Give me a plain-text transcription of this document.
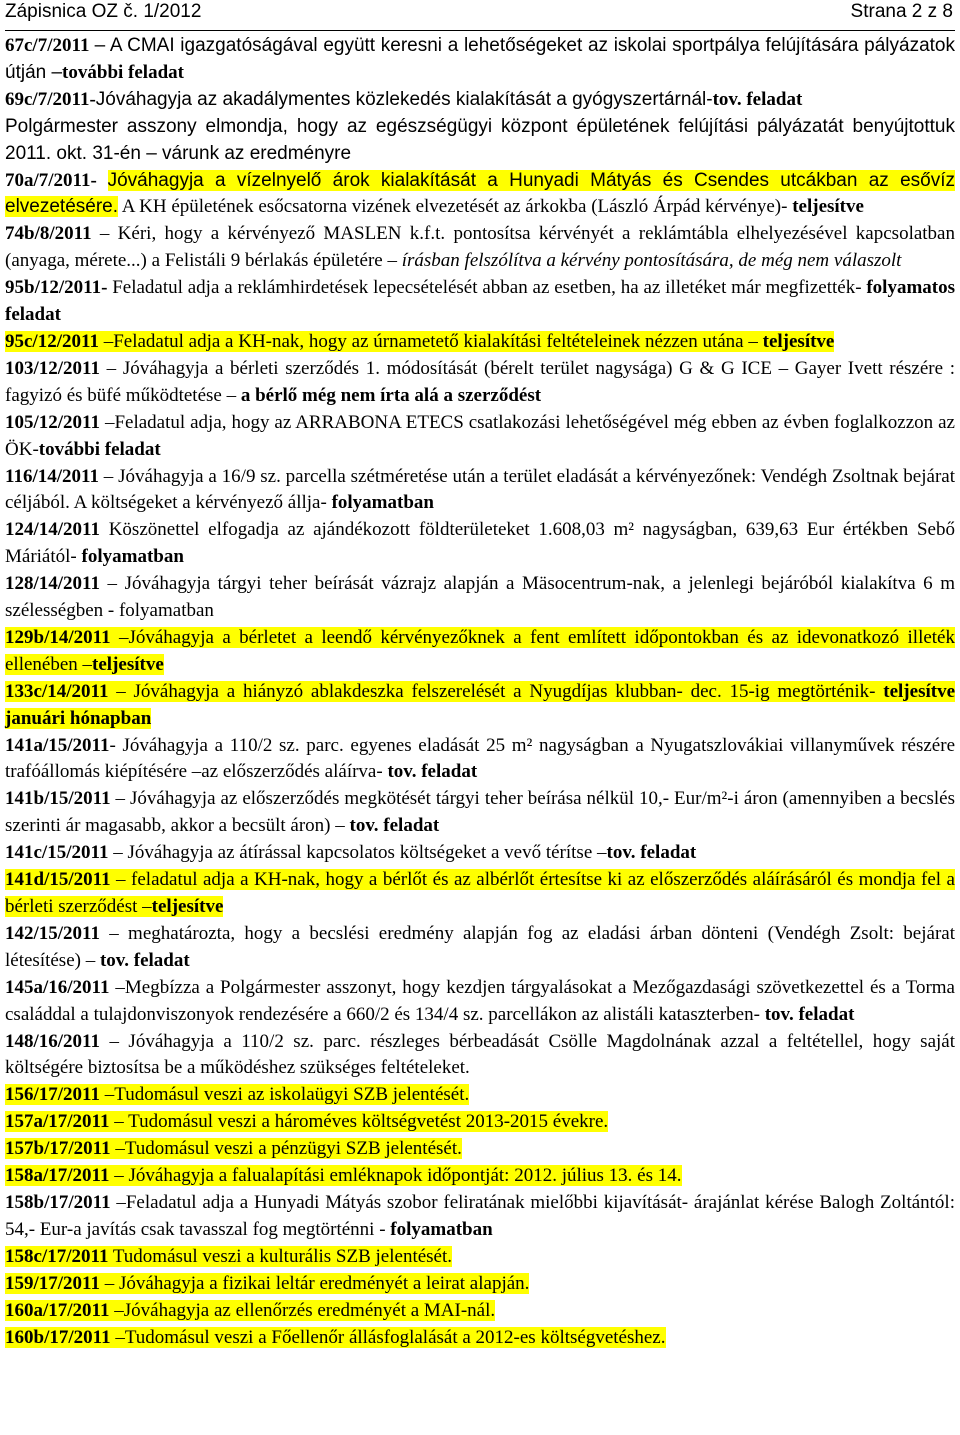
Zápisnica OZ č. 1/2012	Strana 2 z 8

67c/7/2011 – A CMAI igazgatóságával együtt keresni a lehetőségeket az iskolai sportpálya felújítására pályázatok útján –további feladat

69c/7/2011-Jóváhagyja az akadálymentes közlekedés kialakítását a gyógyszertárnál-tov. feladat

Polgármester asszony elmondja, hogy az egészségügyi központ épületének felújítási pályázatát benyújtottuk 2011. okt. 31-én – várunk az eredményre

70a/7/2011- Jóváhagyja a vízelnyelő árok kialakítását a Hunyadi Mátyás és Csendes utcákban az esővíz elvezetésére. A KH épületének esőcsatorna vizének elvezetését az árkokba (László Árpád kérvénye)- teljesítve

74b/8/2011 – Kéri, hogy a kérvényező MASLEN k.f.t. pontosítsa kérvényét a reklámtábla elhelyezésével kapcsolatban (anyaga, mérete...) a Felistáli 9 bérlakás épületére – írásban felszólítva a kérvény pontosítására, de még nem válaszolt

95b/12/2011- Feladatul adja a reklámhirdetések lepecsételését abban az esetben, ha az illetéket már megfizették- folyamatos feladat

95c/12/2011 –Feladatul adja a KH-nak, hogy az úrnametető kialakítási feltételeinek nézzen utána – teljesítve

103/12/2011 – Jóváhagyja a bérleti szerződés 1. módosítását (bérelt terület nagysága) G & G ICE – Gayer Ivett részére : fagyizó és büfé működtetése – a bérlő még nem írta alá a szerződést

105/12/2011 –Feladatul adja, hogy az ARRABONA ETECS csatlakozási lehetőségével még ebben az évben foglalkozzon az ÖK-további feladat

116/14/2011 – Jóváhagyja a 16/9 sz. parcella szétméretése után a terület eladását a kérvényezőnek: Vendégh Zsoltnak bejárat céljából. A költségeket a kérvényező állja- folyamatban

124/14/2011 Köszönettel elfogadja az ajándékozott földterületeket 1.608,03 m² nagyságban, 639,63 Eur értékben Sebő Máriától- folyamatban

128/14/2011 – Jóváhagyja tárgyi teher beírását vázrajz alapján a Mäsocentrum-nak, a jelenlegi bejáróból kialakítva 6 m szélességben - folyamatban

129b/14/2011 –Jóváhagyja a bérletet a leendő kérvényezőknek a fent említett időpontokban és az idevonatkozó illeték ellenében –teljesítve

133c/14/2011 – Jóváhagyja a hiányzó ablakdeszka felszerelését a Nyugdíjas klubban- dec. 15-ig megtörténik- teljesítve januári hónapban

141a/15/2011- Jóváhagyja a 110/2 sz. parc. egyenes eladását 25 m² nagyságban a Nyugatszlovákiai villanyművek részére trafóállomás kiépítésére –az előszerződés aláírva- tov. feladat

141b/15/2011 – Jóváhagyja az előszerződés megkötését tárgyi teher beírása nélkül 10,- Eur/m²-i áron (amennyiben a becslés szerinti ár magasabb, akkor a becsült áron) – tov. feladat

141c/15/2011 – Jóváhagyja az átírással kapcsolatos költségeket a vevő térítse –tov. feladat

141d/15/2011 – feladatul adja a KH-nak, hogy a bérlőt és az albérlőt értesítse ki az előszerződés aláírásáról és mondja fel a bérleti szerződést –teljesítve

142/15/2011 – meghatározta, hogy a becslési eredmény alapján fog az eladási árban dönteni (Vendégh Zsolt: bejárat létesítése) – tov. feladat

145a/16/2011 –Megbízza a Polgármester asszonyt, hogy kezdjen tárgyalásokat a Mezőgazdasági szövetkezettel és a Torma családdal a tulajdonviszonyok rendezésére a 660/2 és 134/4 sz. parcellákon az alistáli kataszterben- tov. feladat

148/16/2011 – Jóváhagyja a 110/2 sz. parc. részleges bérbeadását Csölle Magdolnának azzal a feltétellel, hogy saját költségére biztosítsa be a működéshez szükséges feltételeket.

156/17/2011 –Tudomásul veszi az iskolaügyi SZB jelentését.

157a/17/2011 – Tudomásul veszi a hároméves költségvetést 2013-2015 évekre.

157b/17/2011 –Tudomásul veszi a pénzügyi SZB jelentését.

158a/17/2011 – Jóváhagyja a falualapítási emléknapok időpontját: 2012. július 13. és 14.

158b/17/2011 –Feladatul adja a Hunyadi Mátyás szobor feliratának mielőbbi kijavítását- árajánlat kérése Balogh Zoltántól: 54,- Eur-a javítás csak tavasszal fog megtörténni - folyamatban

158c/17/2011 Tudomásul veszi a kulturális SZB jelentését.

159/17/2011 – Jóváhagyja a fizikai leltár eredményét a leirat alapján.

160a/17/2011 –Jóváhagyja az ellenőrzés eredményét a MAI-nál.

160b/17/2011 –Tudomásul veszi a Főellenőr állásfoglalását a 2012-es költségvetéshez.
